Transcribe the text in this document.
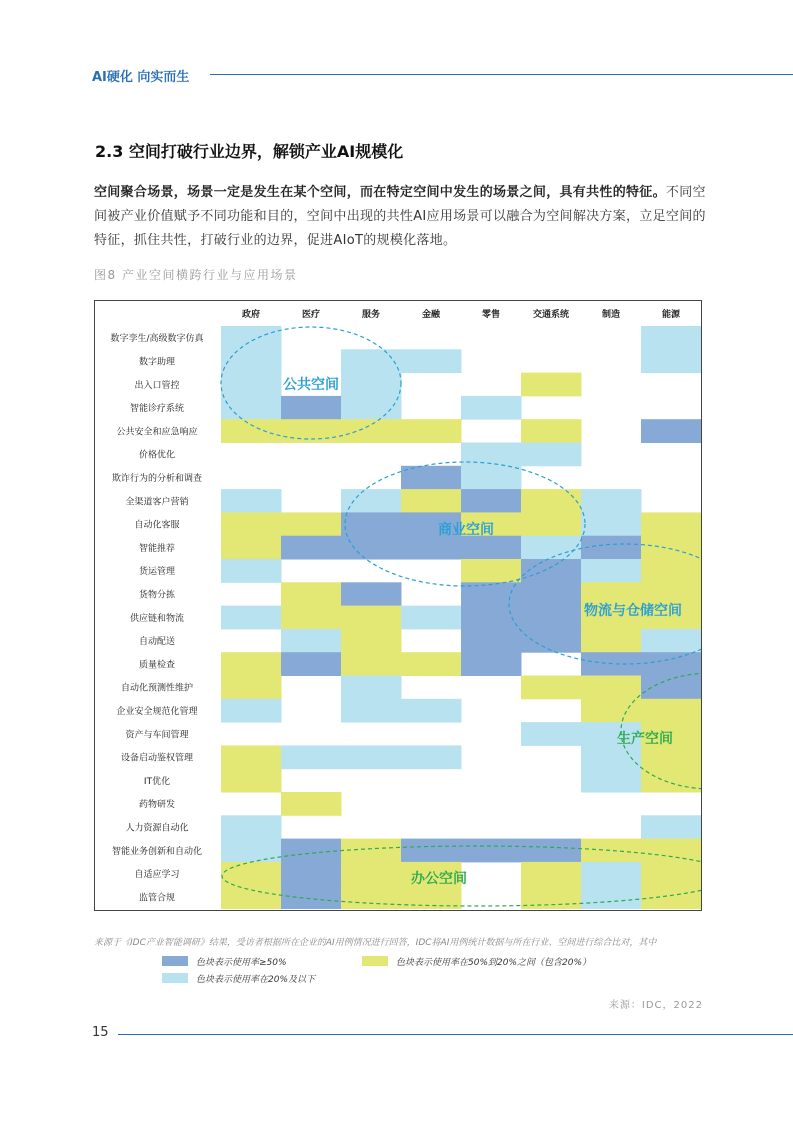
AI硬化 向实而生
2.3 空间打破行业边界，解锁产业AI规模化
空间聚合场景，场景一定是发生在某个空间，而在特定空间中发生的场景之间，具有共性的特征。不同空间被产业价值赋予不同功能和目的，空间中出现的共性AI应用场景可以融合为空间解决方案，立足空间的特征，抓住共性，打破行业的边界，促进AIoT的规模化落地。
图8 产业空间横跨行业与应用场景
政府	医疗	服务	金融	零售	交通系统	制造	能源
数字孪生/高级数字仿真
数字助理
出入口管控
智能诊疗系统
公共安全和应急响应
价格优化
欺诈行为的分析和调查
全渠道客户营销
自动化客服
智能推荐
货运管理
货物分拣
供应链和物流
自动配送
质量检查
自动化预测性维护
企业安全规范化管理
资产与车间管理
设备启动鉴权管理
IT优化
药物研发
人力资源自动化
智能业务创新和自动化
自适应学习
监管合规
公共空间
商业空间
物流与仓储空间
生产空间
办公空间
来源于《IDC产业智能调研》结果，受访者根据所在企业的AI用例情况进行回答，IDC将AI用例统计数据与所在行业、空间进行综合比对，其中
色块表示使用率≥50%	色块表示使用率在50%到20%之间（包含20%）
色块表示使用率在20%及以下
来源：IDC，2022
15
